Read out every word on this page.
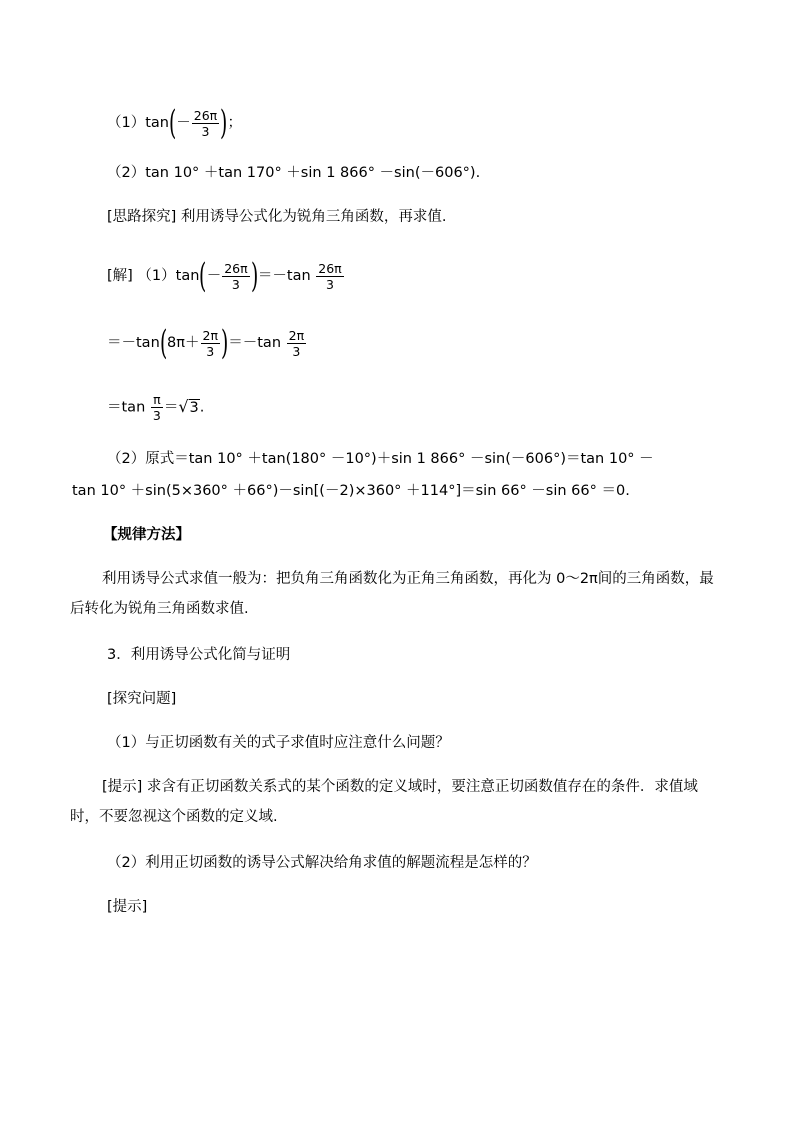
$(1)\tan(- \frac{26\pi}{3}$ )；
（2）tan 10° ＋tan 170° ＋sin 1 866° －sin(－606°).
[思路探究] 利用诱导公式化为锐角三角函数，再求值.
[解] $(1)\tan(- \frac{26\pi}{3} )=-\tan \frac{26\pi}{3}$
$=-\tan(8\pi+ \frac{2\pi}{3} )=-\tan \frac{2\pi}{3}$
$=\tan \frac{\pi}{3} =√3$.
（2）原式＝tan 10° ＋tan(180° －10°)＋sin 1 866° －sin(－606°)＝tan 10° －
tan 10° ＋sin(5×360° ＋66°)－sin[(－2)×360° ＋114°]＝sin 66° －sin 66° ＝0.
【规律方法】
利用诱导公式求值一般为：把负角三角函数化为正角三角函数，再化为 0～2π间的三角函数，最后转化为锐角三角函数求值.
3．利用诱导公式化简与证明
[探究问题]
（1）与正切函数有关的式子求值时应注意什么问题？
[提示] 求含有正切函数关系式的某个函数的定义域时，要注意正切函数值存在的条件．求值域时，不要忽视这个函数的定义域.
（2）利用正切函数的诱导公式解决给角求值的解题流程是怎样的？
[提示]
